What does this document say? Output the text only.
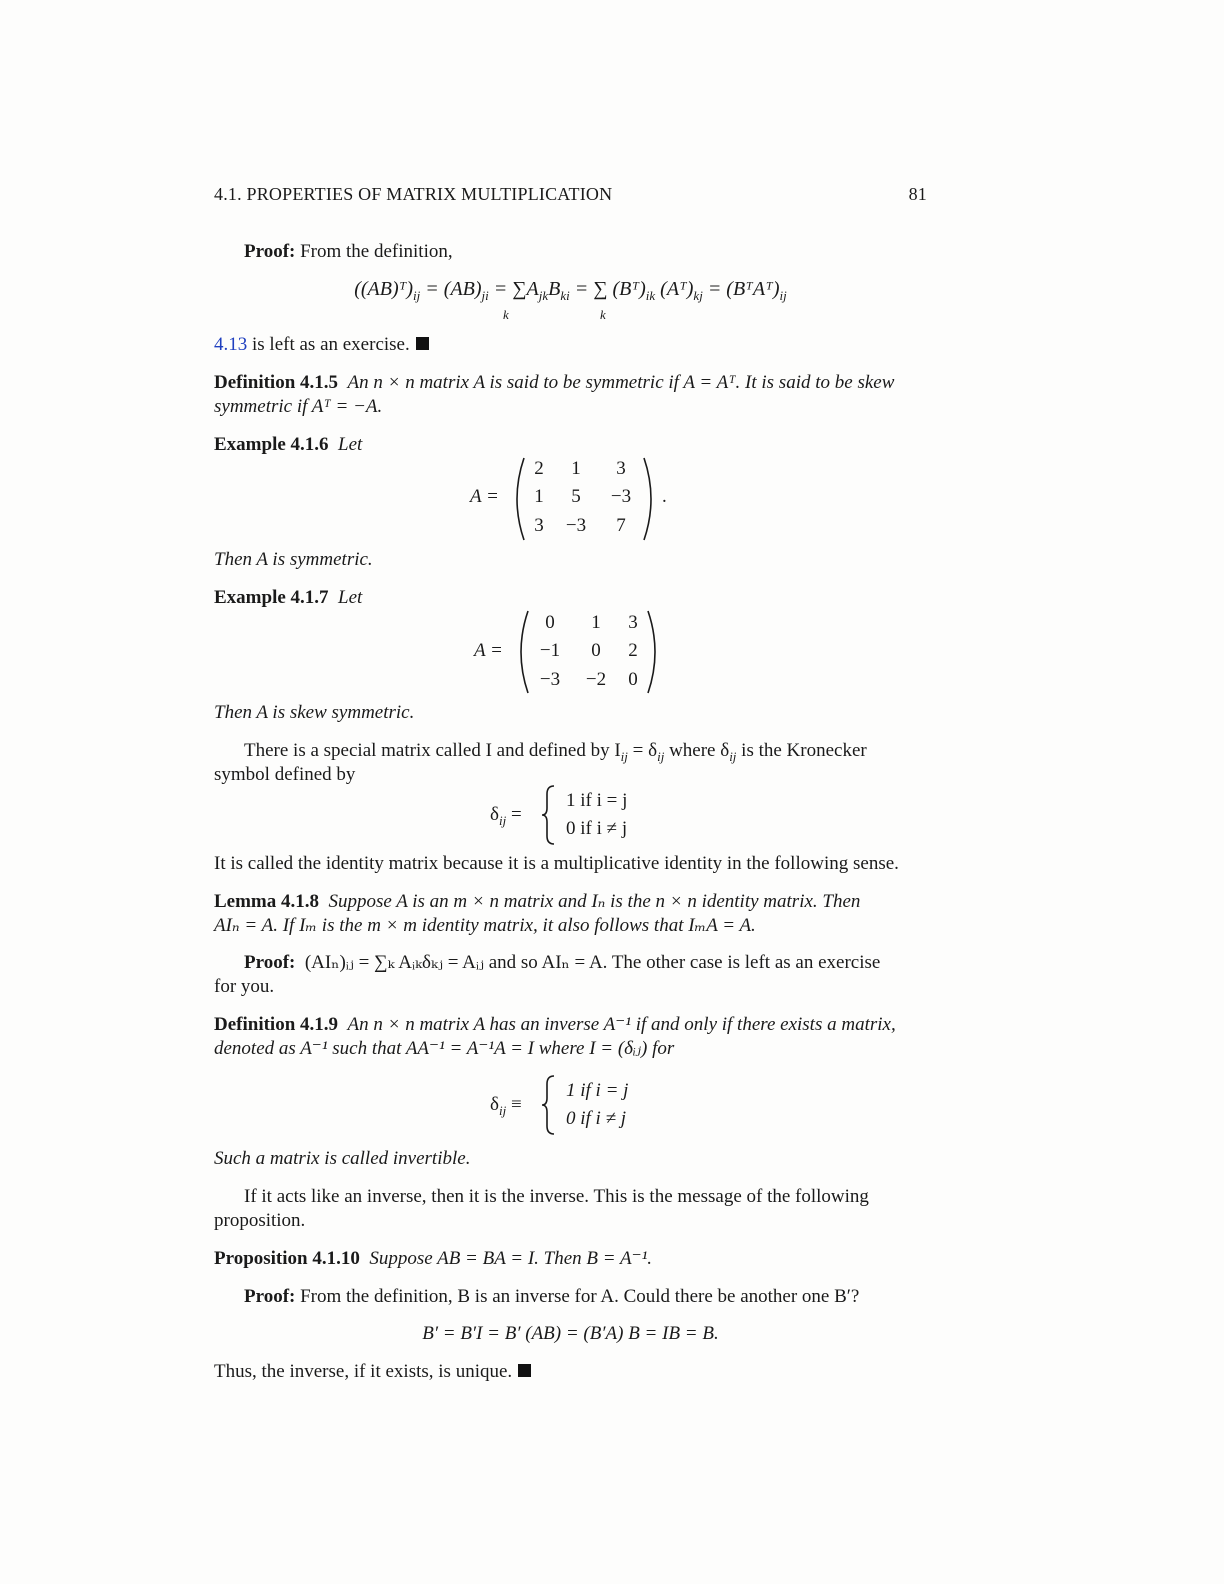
4.1. PROPERTIES OF MATRIX MULTIPLICATION	81
Proof: From the definition,
$((AB)ᵀ)_{ij} = (AB)_{ji} = \sum A_{jk}B_{ki}$ = ∑ $(Bᵀ)_{ik}$ $(Aᵀ)_{kj}$ = $(BᵀAᵀ)_{ij}$
k	k
4.13 is left as an exercise.
Definition 4.1.5 An n × n matrix A is said to be symmetric if A = Aᵀ. It is said to be skew
symmetric if Aᵀ = −A.
Example 4.1.6 Let
A =
2	1	3
1	5	−3
3	−3	7
.
Then A is symmetric.
Example 4.1.7 Let
A =
0	1	3
−1	0	2
−3	−2	0
Then A is skew symmetric.
There is a special matrix called I and defined by $I_{ij} = \delta_{ij}$ where $\delta_{ij}$ is the Kronecker
symbol defined by
$\delta_{ij}$ =
1 if i = j
0 if i ≠ j
It is called the identity matrix because it is a multiplicative identity in the following sense.
Lemma 4.1.8 Suppose A is an m × n matrix and Iₙ is the n × n identity matrix. Then
AIₙ = A. If Iₘ is the m × m identity matrix, it also follows that IₘA = A.
Proof: (AIₙ)ᵢⱼ = ∑ₖ Aᵢₖδₖⱼ = Aᵢⱼ and so AIₙ = A. The other case is left as an exercise
for you.
Definition 4.1.9 An n × n matrix A has an inverse A⁻¹ if and only if there exists a matrix,
denoted as A⁻¹ such that AA⁻¹ = A⁻¹A = I where I = (δᵢⱼ) for
$\delta_{ij}$ ≡
1 if i = j
0 if i ≠ j
Such a matrix is called invertible.
If it acts like an inverse, then it is the inverse. This is the message of the following
proposition.
Proposition 4.1.10 Suppose AB = BA = I. Then B = A⁻¹.
Proof: From the definition, B is an inverse for A. Could there be another one B′?
B′ = B′I = B′ (AB) = (B′A) B = IB = B.
Thus, the inverse, if it exists, is unique.
